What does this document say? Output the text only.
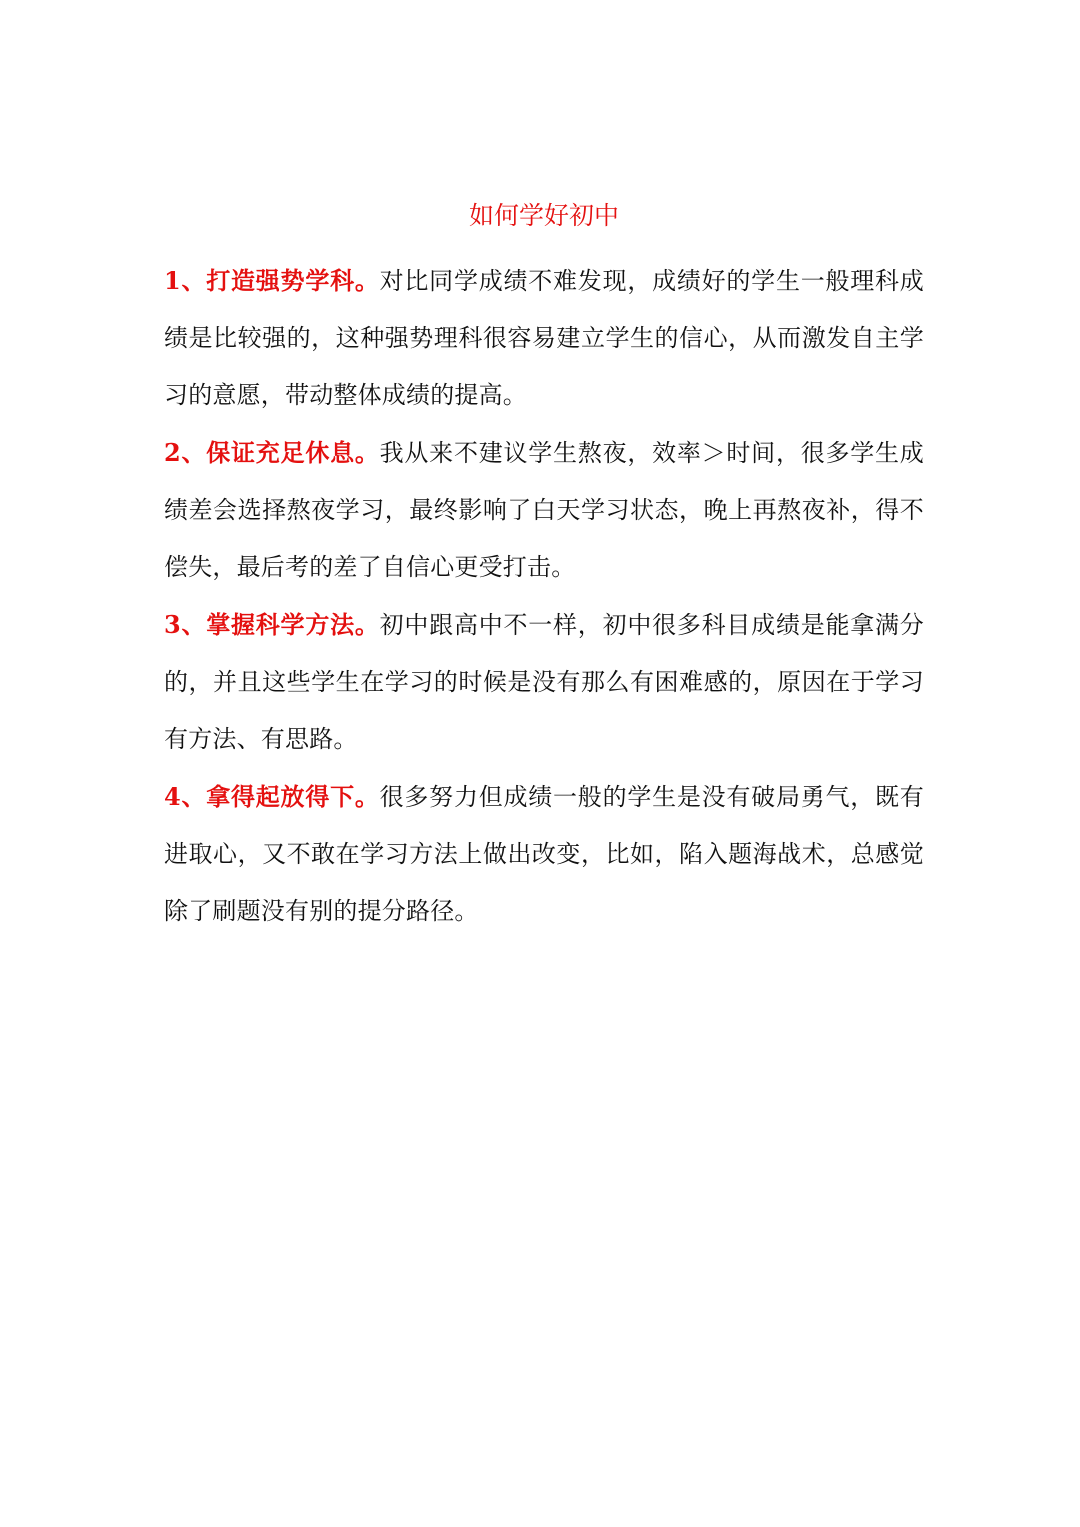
如何学好初中

1、打造强势学科。对比同学成绩不难发现，成绩好的学生一般理科成绩是比较强的，这种强势理科很容易建立学生的信心，从而激发自主学习的意愿，带动整体成绩的提高。

2、保证充足休息。我从来不建议学生熬夜，效率＞时间，很多学生成绩差会选择熬夜学习，最终影响了白天学习状态，晚上再熬夜补，得不偿失，最后考的差了自信心更受打击。

3、掌握科学方法。初中跟高中不一样，初中很多科目成绩是能拿满分的，并且这些学生在学习的时候是没有那么有困难感的，原因在于学习有方法、有思路。

4、拿得起放得下。很多努力但成绩一般的学生是没有破局勇气，既有进取心，又不敢在学习方法上做出改变，比如，陷入题海战术，总感觉除了刷题没有别的提分路径。
